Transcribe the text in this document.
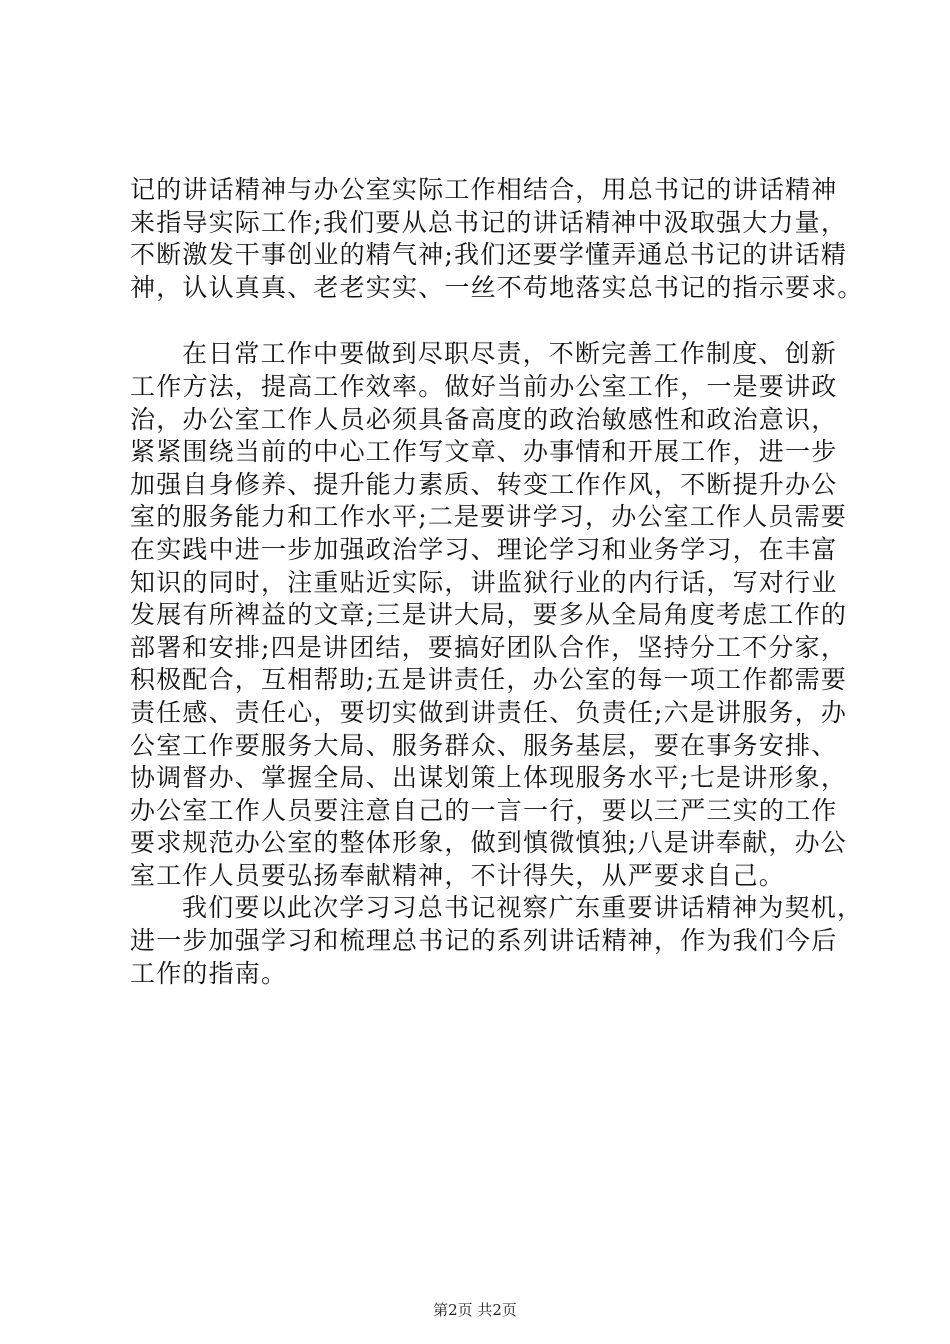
记的讲话精神与办公室实际工作相结合，用总书记的讲话精神
来指导实际工作;我们要从总书记的讲话精神中汲取强大力量，
不断激发干事创业的精气神;我们还要学懂弄通总书记的讲话精
神，认认真真、老老实实、一丝不苟地落实总书记的指示要求。
在日常工作中要做到尽职尽责，不断完善工作制度、创新
工作方法，提高工作效率。做好当前办公室工作，一是要讲政
治，办公室工作人员必须具备高度的政治敏感性和政治意识，
紧紧围绕当前的中心工作写文章、办事情和开展工作，进一步
加强自身修养、提升能力素质、转变工作作风，不断提升办公
室的服务能力和工作水平;二是要讲学习，办公室工作人员需要
在实践中进一步加强政治学习、理论学习和业务学习，在丰富
知识的同时，注重贴近实际，讲监狱行业的内行话，写对行业
发展有所裨益的文章;三是讲大局，要多从全局角度考虑工作的
部署和安排;四是讲团结，要搞好团队合作，坚持分工不分家，
积极配合，互相帮助;五是讲责任，办公室的每一项工作都需要
责任感、责任心，要切实做到讲责任、负责任;六是讲服务，办
公室工作要服务大局、服务群众、服务基层，要在事务安排、
协调督办、掌握全局、出谋划策上体现服务水平;七是讲形象，
办公室工作人员要注意自己的一言一行，要以三严三实的工作
要求规范办公室的整体形象，做到慎微慎独;八是讲奉献，办公
室工作人员要弘扬奉献精神，不计得失，从严要求自己。
我们要以此次学习习总书记视察广东重要讲话精神为契机，
进一步加强学习和梳理总书记的系列讲话精神，作为我们今后
工作的指南。
第2页 共2页
